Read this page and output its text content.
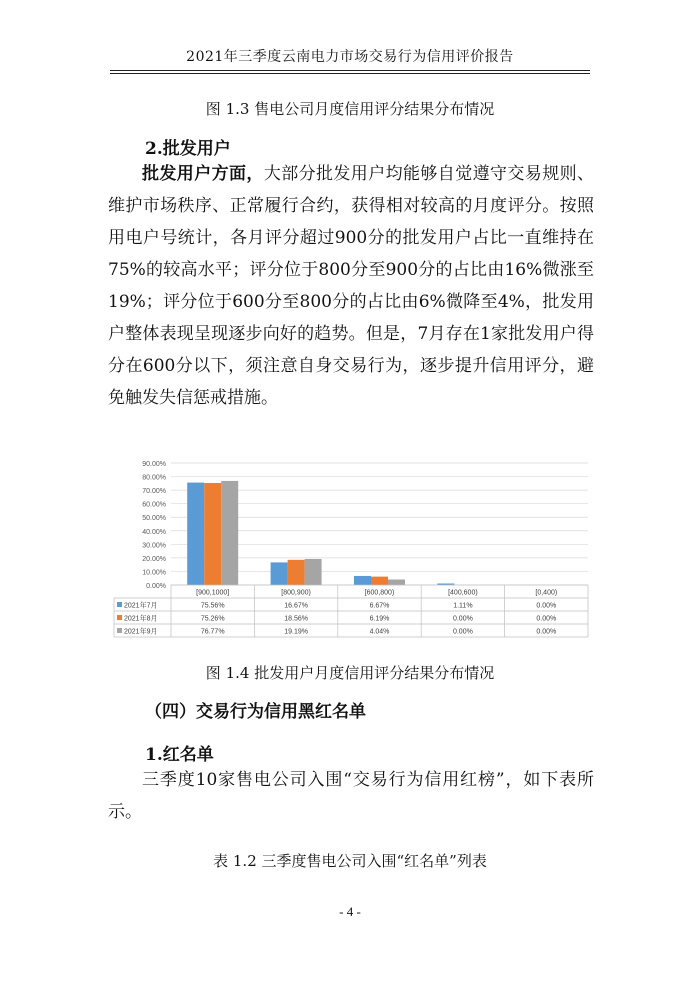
2021年三季度云南电力市场交易行为信用评价报告
图 1.3 售电公司月度信用评分结果分布情况
2.批发用户

批发用户方面，大部分批发用户均能够自觉遵守交易规则、维护市场秩序、正常履行合约，获得相对较高的月度评分。按照用电户号统计，各月评分超过900分的批发用户占比一直维持在75%的较高水平；评分位于800分至900分的占比由16%微涨至19%；评分位于600分至800分的占比由6%微降至4%，批发用户整体表现呈现逐步向好的趋势。但是，7月存在1家批发用户得分在600分以下，须注意自身交易行为，逐步提升信用评分，避免触发失信惩戒措施。

90.00%
80.00%
70.00%
60.00%
50.00%
40.00%
30.00%
20.00%
10.00%
0.00%
[900,1000]	[800,900)	[600,800)	[400,600)	[0,400)
2021年7月	75.56%	16.67%	6.67%	1.11%	0.00%
2021年8月	75.26%	18.56%	6.19%	0.00%	0.00%
2021年9月	76.77%	19.19%	4.04%	0.00%	0.00%
图 1.4 批发用户月度信用评分结果分布情况
（四）交易行为信用黑红名单
1.红名单

三季度10家售电公司入围“交易行为信用红榜”，如下表所示。

表 1.2 三季度售电公司入围“红名单”列表
- 4 -
